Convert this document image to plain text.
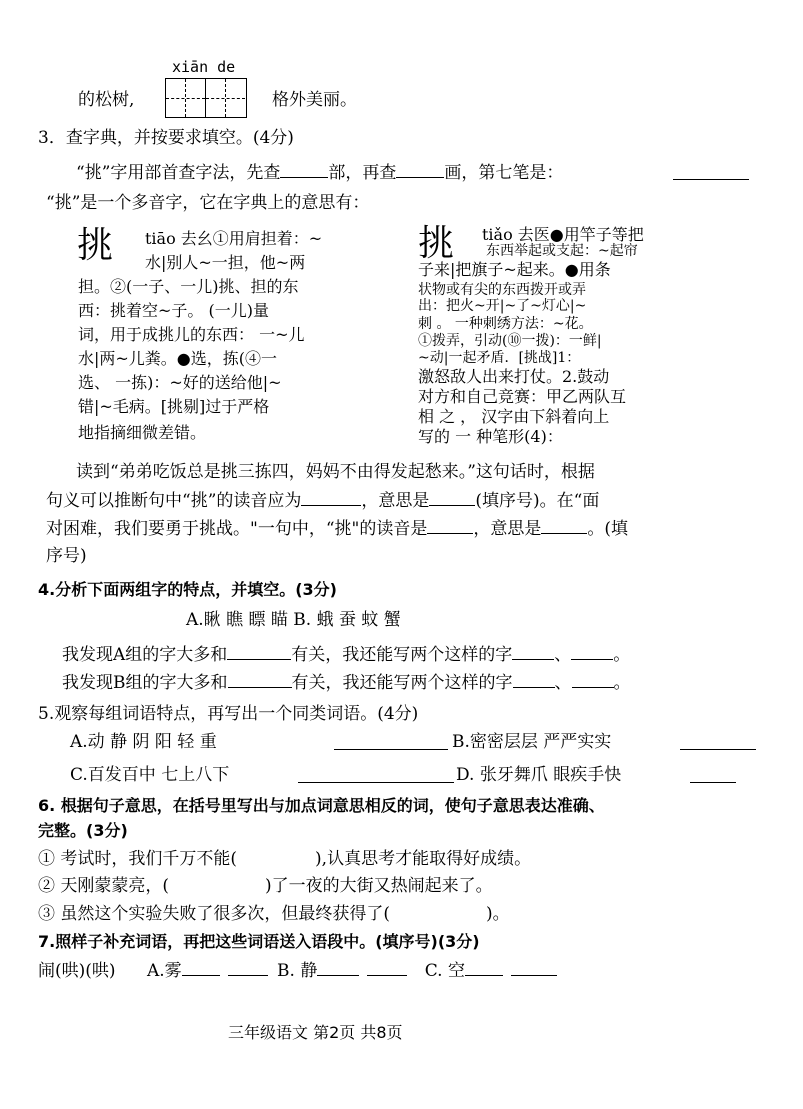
xiān de
的松树,	格外美丽。
3．查字典，并按要求填空。(4分)
“挑”字用部首查字法，先查	部，再查	画，第七笔是：
“挑”是一个多音字，它在字典上的意思有：
挑 tiāo 去幺①用肩担着：~
水|别人~一担，他~两
担。②(一子、一儿)挑、担的东
西：挑着空~子。 (一儿)量
词，用于成挑儿的东西： 一~儿
水|两~儿粪。●选，拣(④一
选、 一拣)：~好的送给他|~
错|~毛病。[挑剔]过于严格
地指摘细微差错。
挑 tiǎo 去医●用竿子等把
东西举起或支起：~起帘
子来|把旗子~起来。●用条
状物或有尖的东西拨开或弄
出：把火~开|~了~灯心|~
刺 。 一种刺绣方法：~花。
①拨弄，引动(⑩一拨)：一鲜|
~动|一起矛盾．[挑战]1：
激怒敌人出来打仗。2.鼓动
对方和自己竞赛：甲乙两队互
相 之 ， 汉字由下斜着向上
写的 一 种笔形(4)：
读到“弟弟吃饭总是挑三拣四，妈妈不由得发起愁来。”这句话时，根据
句义可以推断句中“挑”的读音应为	，意思是	(填序号)。在“面
对困难，我们要勇于挑战。"一句中，“挑"的读音是	，意思是	。(填
序号)
4.分析下面两组字的特点，并填空。(3分)
A.瞅 瞧 瞟 瞄 B. 蛾 蚕 蚊 蟹
我发现A组的字大多和	有关，我还能写两个这样的字 、 。
我发现B组的字大多和	有关，我还能写两个这样的字 、 。
5.观察每组词语特点，再写出一个同类词语。(4分)
A.动 静 阴 阳 轻 重	B.密密层层 严严实实
C.百发百中 七上八下	D. 张牙舞爪 眼疾手快
6. 根据句子意思，在括号里写出与加点词意思相反的词，使句子意思表达准确、
完整。(3分)
① 考试时，我们千万不能(	),认真思考才能取得好成绩。
② 天刚蒙蒙亮，(	)了一夜的大街又热闹起来了。
③ 虽然这个实验失败了很多次，但最终获得了(	)。
7.照样子补充词语，再把这些词语送入语段中。(填序号)(3分)
闹(哄)(哄) A.雾	B. 静	C. 空
三年级语文 第2页 共8页
